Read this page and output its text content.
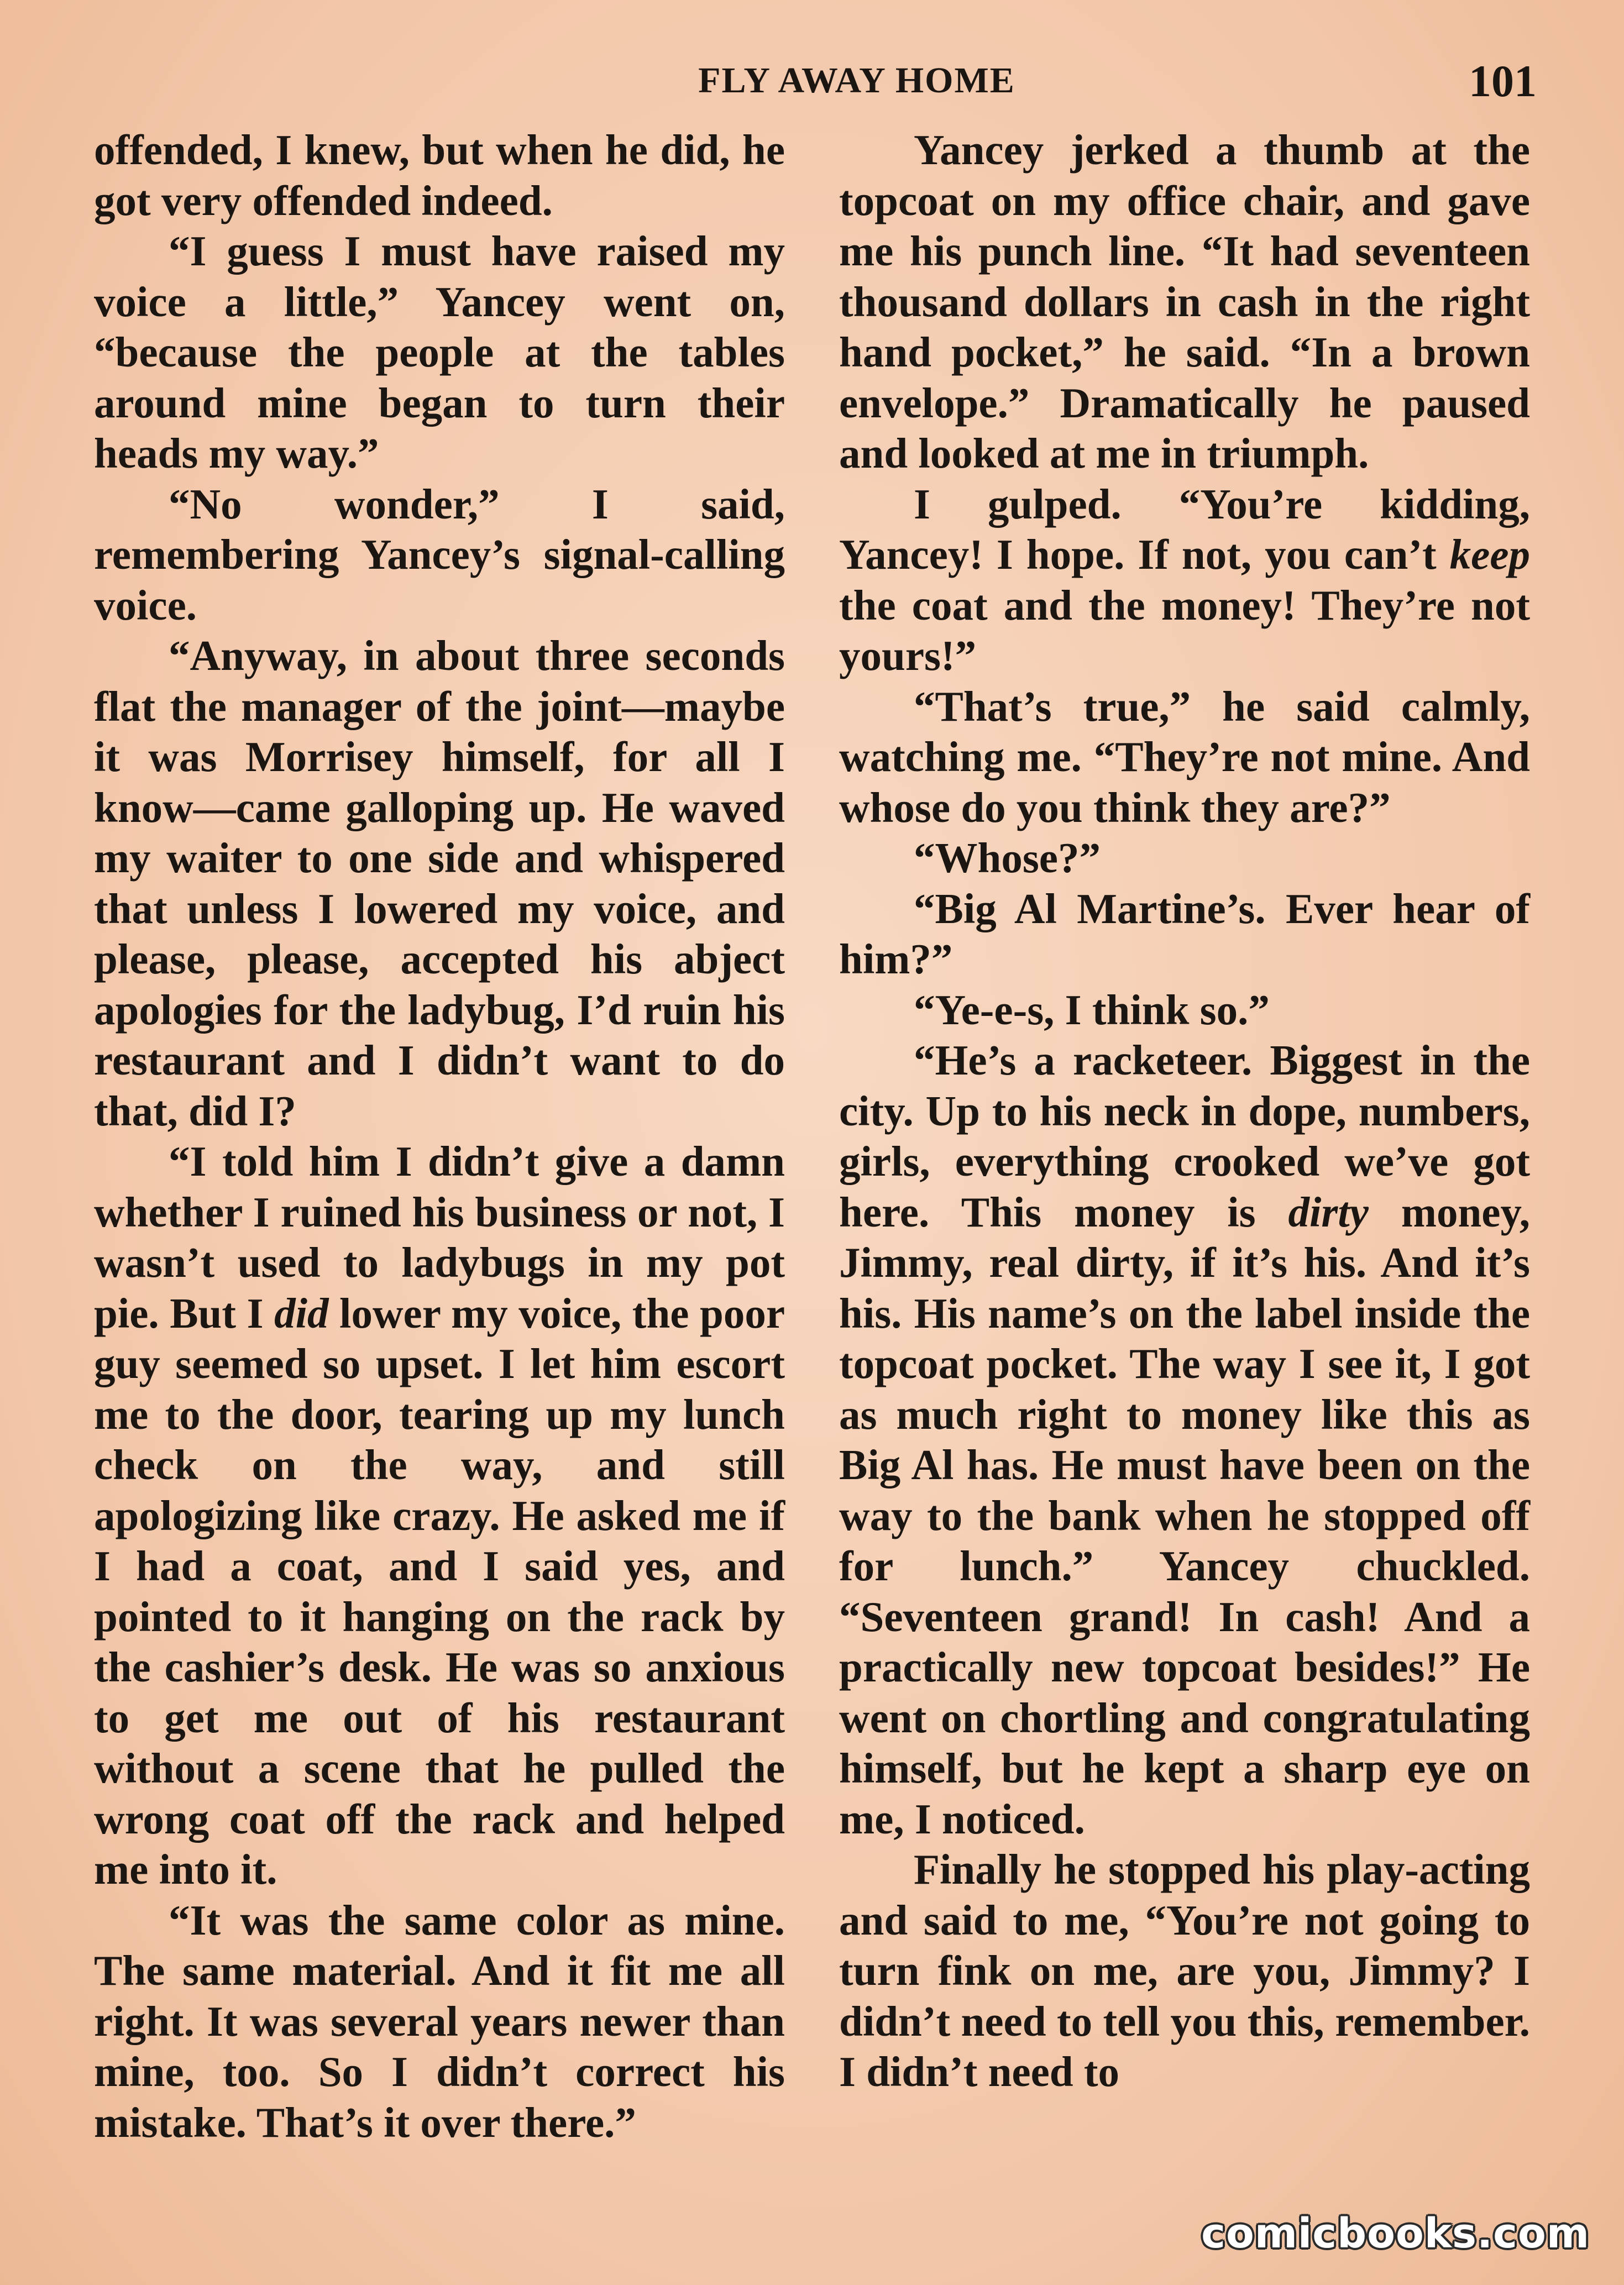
FLY AWAY HOME	101

offended, I knew, but when he did, he got very offended indeed.

“I guess I must have raised my voice a little,” Yancey went on, “because the people at the tables around mine began to turn their heads my way.”

“No wonder,” I said, remembering Yancey’s signal-calling voice.

“Anyway, in about three seconds flat the manager of the joint—maybe it was Morrisey himself, for all I know—came galloping up. He waved my waiter to one side and whispered that unless I lowered my voice, and please, please, accepted his abject apologies for the ladybug, I’d ruin his restaurant and I didn’t want to do that, did I?

“I told him I didn’t give a damn whether I ruined his business or not, I wasn’t used to ladybugs in my pot pie. But I did lower my voice, the poor guy seemed so upset. I let him escort me to the door, tearing up my lunch check on the way, and still apologizing like crazy. He asked me if I had a coat, and I said yes, and pointed to it hanging on the rack by the cashier’s desk. He was so anxious to get me out of his restaurant without a scene that he pulled the wrong coat off the rack and helped me into it.

“It was the same color as mine. The same material. And it fit me all right. It was several years newer than mine, too. So I didn’t correct his mistake. That’s it over there.”

Yancey jerked a thumb at the topcoat on my office chair, and gave me his punch line. “It had seventeen thousand dollars in cash in the right hand pocket,” he said. “In a brown envelope.” Dramatically he paused and looked at me in triumph.

I gulped. “You’re kidding, Yancey! I hope. If not, you can’t keep the coat and the money! They’re not yours!”

“That’s true,” he said calmly, watching me. “They’re not mine. And whose do you think they are?”

“Whose?”

“Big Al Martine’s. Ever hear of him?”

“Ye-e-s, I think so.”

“He’s a racketeer. Biggest in the city. Up to his neck in dope, numbers, girls, everything crooked we’ve got here. This money is dirty money, Jimmy, real dirty, if it’s his. And it’s his. His name’s on the label inside the topcoat pocket. The way I see it, I got as much right to money like this as Big Al has. He must have been on the way to the bank when he stopped off for lunch.” Yancey chuckled. “Seventeen grand! In cash! And a practically new topcoat besides!” He went on chortling and congratulating himself, but he kept a sharp eye on me, I noticed.

Finally he stopped his play-acting and said to me, “You’re not going to turn fink on me, are you, Jimmy? I didn’t need to tell you this, remember. I didn’t need to

comicbooks.com
